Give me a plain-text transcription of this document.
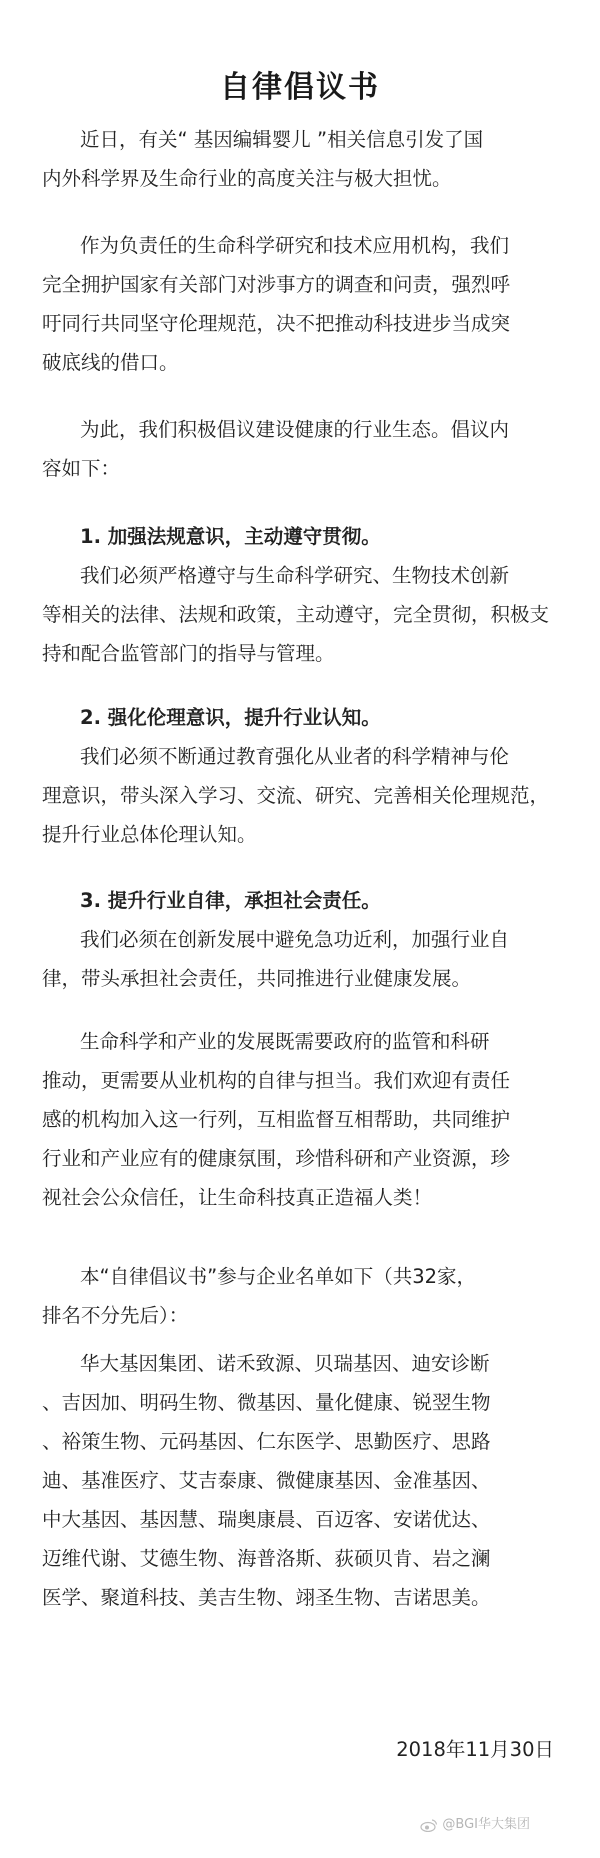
自律倡议书
近日，有关“ 基因编辑婴儿 ”相关信息引发了国
内外科学界及生命行业的高度关注与极大担忧。
作为负责任的生命科学研究和技术应用机构，我们
完全拥护国家有关部门对涉事方的调查和问责，强烈呼
吁同行共同坚守伦理规范，决不把推动科技进步当成突
破底线的借口。
为此，我们积极倡议建设健康的行业生态。倡议内
容如下：
1. 加强法规意识，主动遵守贯彻。
我们必须严格遵守与生命科学研究、生物技术创新
等相关的法律、法规和政策，主动遵守，完全贯彻，积极支
持和配合监管部门的指导与管理。
2. 强化伦理意识，提升行业认知。
我们必须不断通过教育强化从业者的科学精神与伦
理意识，带头深入学习、交流、研究、完善相关伦理规范，
提升行业总体伦理认知。
3. 提升行业自律，承担社会责任。
我们必须在创新发展中避免急功近利，加强行业自
律，带头承担社会责任，共同推进行业健康发展。
生命科学和产业的发展既需要政府的监管和科研
推动，更需要从业机构的自律与担当。我们欢迎有责任
感的机构加入这一行列，互相监督互相帮助，共同维护
行业和产业应有的健康氛围，珍惜科研和产业资源，珍
视社会公众信任，让生命科技真正造福人类！
本“自律倡议书”参与企业名单如下（共32家，
排名不分先后）：
华大基因集团、诺禾致源、贝瑞基因、迪安诊断
、吉因加、明码生物、微基因、量化健康、锐翌生物
、裕策生物、元码基因、仁东医学、思勤医疗、思路
迪、基准医疗、艾吉泰康、微健康基因、金准基因、
中大基因、基因慧、瑞奥康晨、百迈客、安诺优达、
迈维代谢、艾德生物、海普洛斯、荻硕贝肯、岩之澜
医学、聚道科技、美吉生物、翊圣生物、吉诺思美。
2018年11月30日
@BGI华大集团
